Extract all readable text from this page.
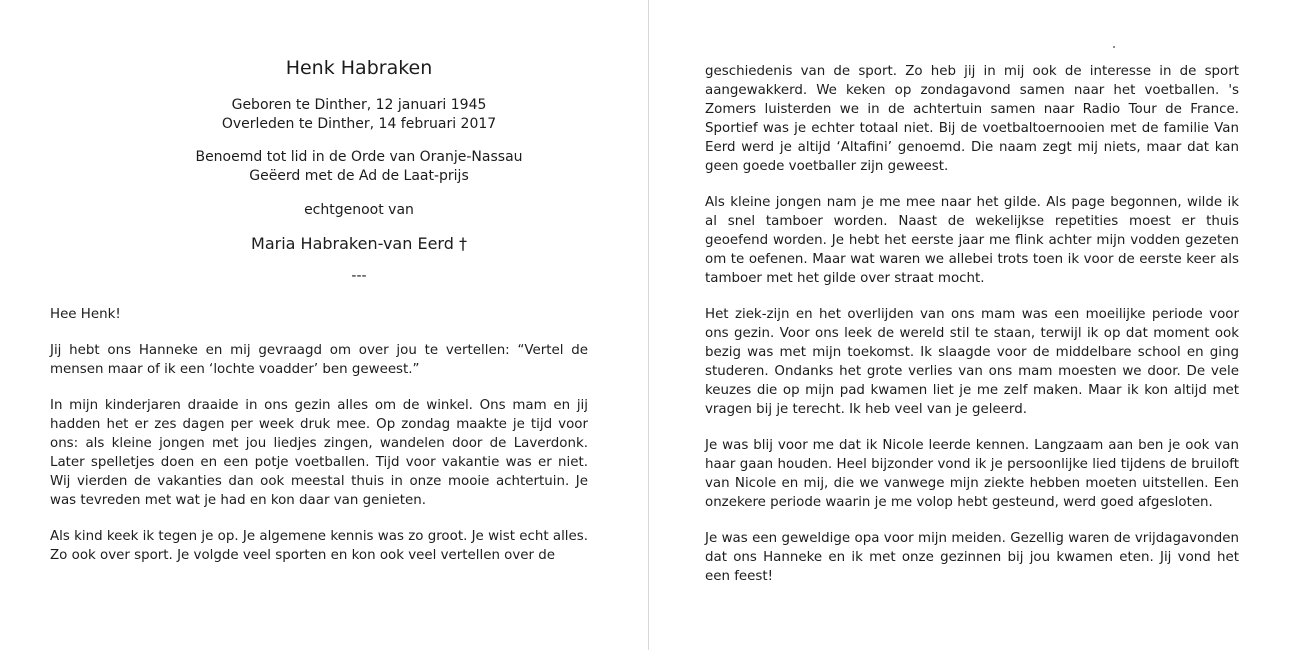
Henk Habraken
Geboren te Dinther, 12 januari 1945
Overleden te Dinther, 14 februari 2017
Benoemd tot lid in de Orde van Oranje-Nassau
Geëerd met de Ad de Laat-prijs
echtgenoot van
Maria Habraken-van Eerd †
---

Hee Henk!

Jij hebt ons Hanneke en mij gevraagd om over jou te vertellen: “Vertel de mensen maar of ik een ‘lochte voadder’ ben geweest.”

In mijn kinderjaren draaide in ons gezin alles om de winkel. Ons mam en jij hadden het er zes dagen per week druk mee. Op zondag maakte je tijd voor ons: als kleine jongen met jou liedjes zingen, wandelen door de Laverdonk. Later spelletjes doen en een potje voetballen. Tijd voor vakantie was er niet. Wij vierden de vakanties dan ook meestal thuis in onze mooie achtertuin. Je was tevreden met wat je had en kon daar van genieten.

Als kind keek ik tegen je op. Je algemene kennis was zo groot. Je wist echt alles. Zo ook over sport. Je volgde veel sporten en kon ook veel vertellen over de

geschiedenis van de sport. Zo heb jij in mij ook de interesse in de sport aangewakkerd. We keken op zondagavond samen naar het voetballen. 's Zomers luisterden we in de achtertuin samen naar Radio Tour de France. Sportief was je echter totaal niet. Bij de voetbaltoernooien met de familie Van Eerd werd je altijd ‘Altafini’ genoemd. Die naam zegt mij niets, maar dat kan geen goede voetballer zijn geweest.

Als kleine jongen nam je me mee naar het gilde. Als page begonnen, wilde ik al snel tamboer worden. Naast de wekelijkse repetities moest er thuis geoefend worden. Je hebt het eerste jaar me flink achter mijn vodden gezeten om te oefenen. Maar wat waren we allebei trots toen ik voor de eerste keer als tamboer met het gilde over straat mocht.

Het ziek-zijn en het overlijden van ons mam was een moeilijke periode voor ons gezin. Voor ons leek de wereld stil te staan, terwijl ik op dat moment ook bezig was met mijn toekomst. Ik slaagde voor de middelbare school en ging studeren. Ondanks het grote verlies van ons mam moesten we door. De vele keuzes die op mijn pad kwamen liet je me zelf maken. Maar ik kon altijd met vragen bij je terecht. Ik heb veel van je geleerd.

Je was blij voor me dat ik Nicole leerde kennen. Langzaam aan ben je ook van haar gaan houden. Heel bijzonder vond ik je persoonlijke lied tijdens de bruiloft van Nicole en mij, die we vanwege mijn ziekte hebben moeten uitstellen. Een onzekere periode waarin je me volop hebt gesteund, werd goed afgesloten.

Je was een geweldige opa voor mijn meiden. Gezellig waren de vrijdagavonden dat ons Hanneke en ik met onze gezinnen bij jou kwamen eten. Jij vond het een feest!
